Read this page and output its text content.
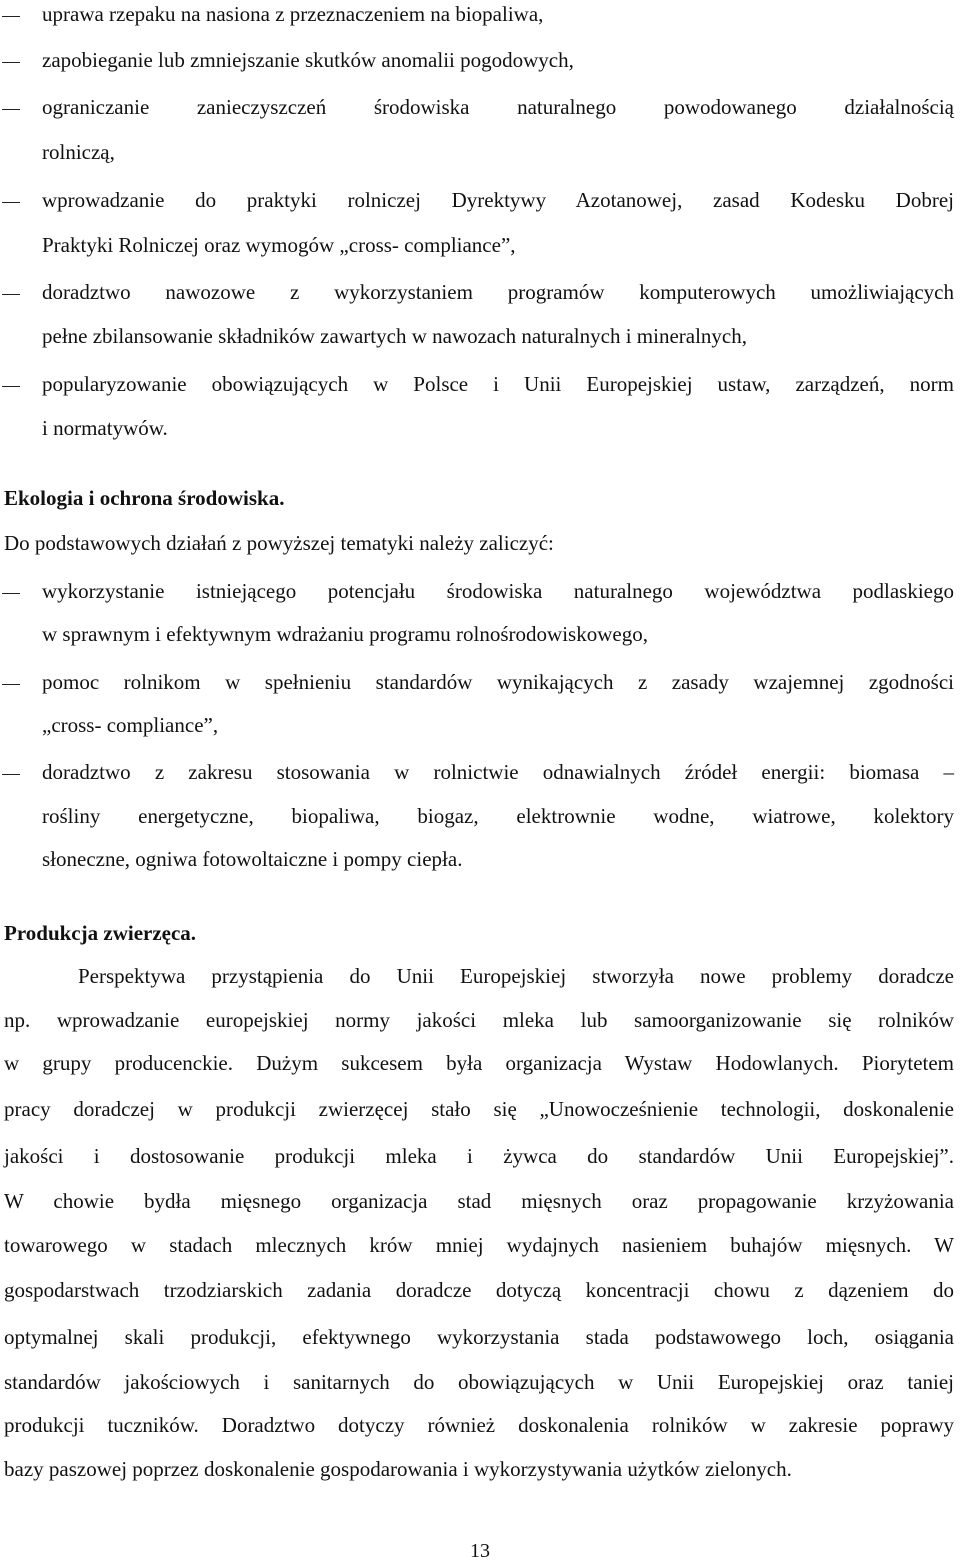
uprawa rzepaku na nasiona z przeznaczeniem na biopaliwa,
zapobieganie lub zmniejszanie skutków anomalii pogodowych,
ograniczanie zanieczyszczeń środowiska naturalnego powodowanego działalnością
rolniczą,
wprowadzanie do praktyki rolniczej Dyrektywy Azotanowej, zasad Kodesku Dobrej
Praktyki Rolniczej oraz wymogów „cross- compliance”,
doradztwo nawozowe z wykorzystaniem programów komputerowych umożliwiających
pełne zbilansowanie składników zawartych w nawozach naturalnych i mineralnych,
popularyzowanie obowiązujących w Polsce i Unii Europejskiej ustaw, zarządzeń, norm
i normatywów.
Ekologia i ochrona środowiska.
Do podstawowych działań z powyższej tematyki należy zaliczyć:
wykorzystanie istniejącego potencjału środowiska naturalnego województwa podlaskiego
w sprawnym i efektywnym wdrażaniu programu rolnośrodowiskowego,
pomoc rolnikom w spełnieniu standardów wynikających z zasady wzajemnej zgodności
„cross- compliance”,
doradztwo z zakresu stosowania w rolnictwie odnawialnych źródeł energii: biomasa –
rośliny energetyczne, biopaliwa, biogaz, elektrownie wodne, wiatrowe, kolektory
słoneczne, ogniwa fotowoltaiczne i pompy ciepła.
Produkcja zwierzęca.
Perspektywa przystąpienia do Unii Europejskiej stworzyła nowe problemy doradcze
np. wprowadzanie europejskiej normy jakości mleka lub samoorganizowanie się rolników
w grupy producenckie. Dużym sukcesem była organizacja Wystaw Hodowlanych. Piorytetem
pracy doradczej w produkcji zwierzęcej stało się „Unowocześnienie technologii, doskonalenie
jakości i dostosowanie produkcji mleka i żywca do standardów Unii Europejskiej”.
W chowie bydła mięsnego organizacja stad mięsnych oraz propagowanie krzyżowania
towarowego w stadach mlecznych krów mniej wydajnych nasieniem buhajów mięsnych. W
gospodarstwach trzodziarskich zadania doradcze dotyczą koncentracji chowu z dązeniem do
optymalnej skali produkcji, efektywnego wykorzystania stada podstawowego loch, osiągania
standardów jakościowych i sanitarnych do obowiązujących w Unii Europejskiej oraz taniej
produkcji tuczników. Doradztwo dotyczy również doskonalenia rolników w zakresie poprawy
bazy paszowej poprzez doskonalenie gospodarowania i wykorzystywania użytków zielonych.
13
